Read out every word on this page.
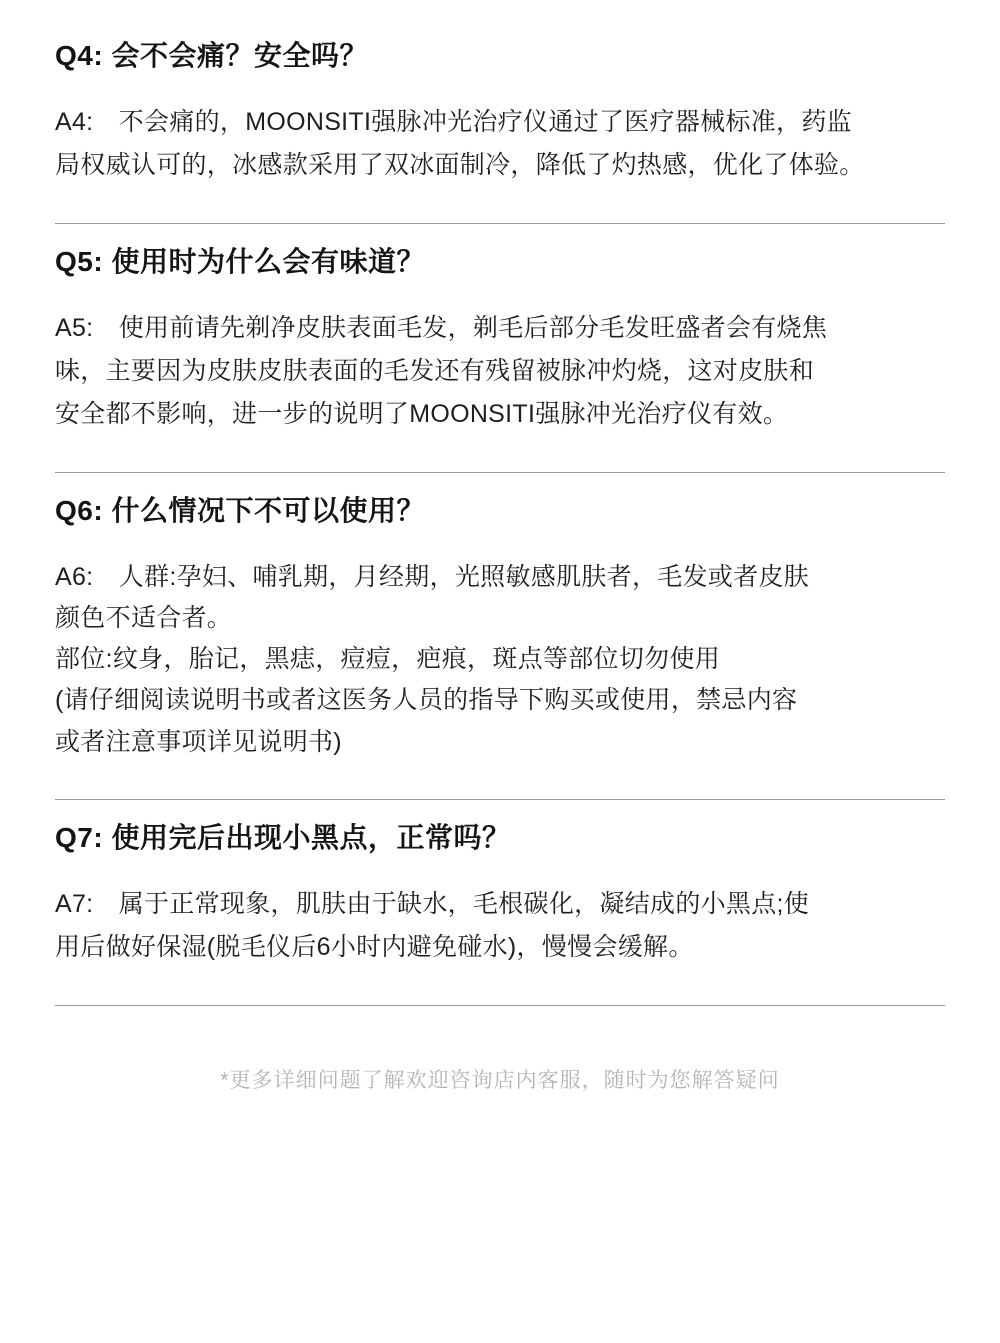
Q4: 会不会痛？安全吗？

A4:　不会痛的，MOONSITI强脉冲光治疗仪通过了医疗器械标准，药监
局权威认可的，冰感款采用了双冰面制冷，降低了灼热感，优化了体验。

Q5: 使用时为什么会有味道？

A5:　使用前请先剃净皮肤表面毛发，剃毛后部分毛发旺盛者会有烧焦
味，主要因为皮肤皮肤表面的毛发还有残留被脉冲灼烧，这对皮肤和
安全都不影响，进一步的说明了MOONSITI强脉冲光治疗仪有效。

Q6: 什么情况下不可以使用？

A6:　人群:孕妇、哺乳期，月经期，光照敏感肌肤者，毛发或者皮肤
颜色不适合者。
部位:纹身，胎记，黑痣，痘痘，疤痕，斑点等部位切勿使用
(请仔细阅读说明书或者这医务人员的指导下购买或使用，禁忌内容
或者注意事项详见说明书)

Q7: 使用完后出现小黑点，正常吗？

A7:　属于正常现象，肌肤由于缺水，毛根碳化，凝结成的小黑点;使
用后做好保湿(脱毛仪后6小时内避免碰水)，慢慢会缓解。

*更多详细问题了解欢迎咨询店内客服，随时为您解答疑问
